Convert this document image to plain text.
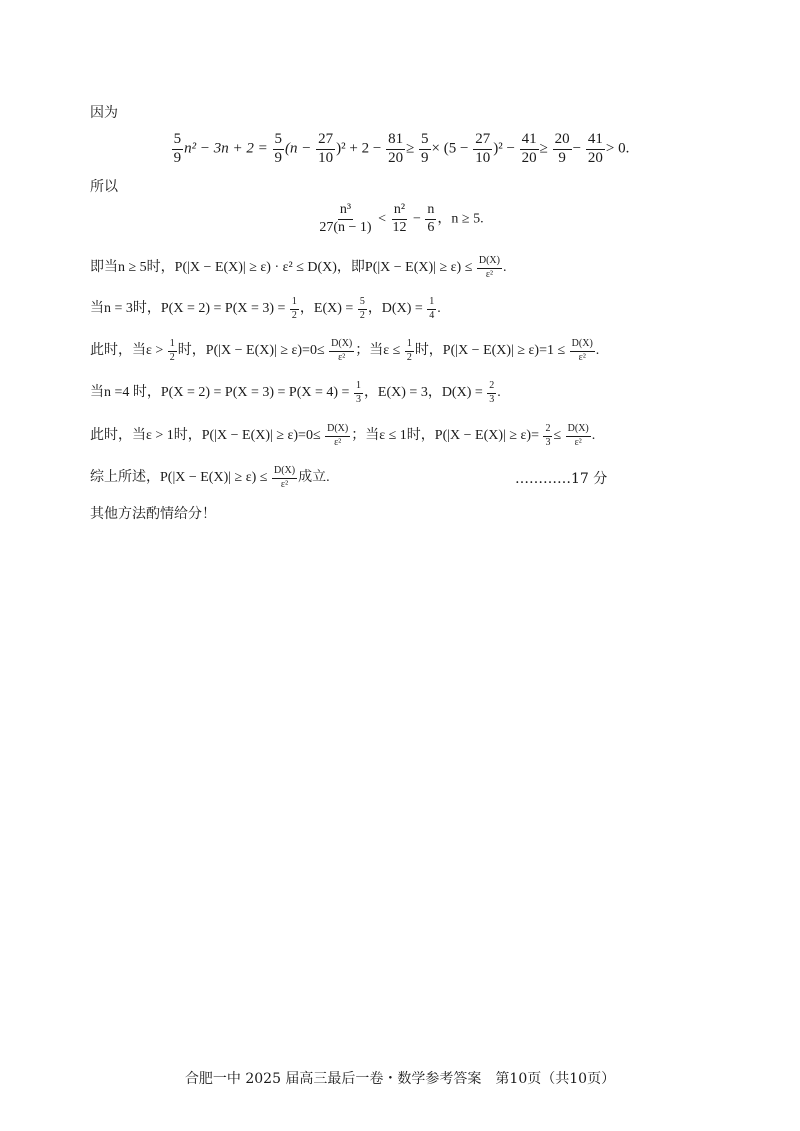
因为
$\frac{5}{9} n^2 - 3n + 2 = \frac{5}{9} (n - \frac{27}{10} )^2 + 2 - \frac{81}{20} \ge \frac{5}{9} \times (5 - \frac{27}{10} )^2 - \frac{41}{20} \ge \frac{20}{9} - \frac{41}{20} > 0$.
所以
$\frac{\text{n³}}{27(n - 1)} < \frac{\text{n²}}{12} - \frac{n}{6}$ ，n ≥ 5.
即当n ≥ 5时，P(|X − E(X)| ≥ ε) · ε² ≤ D(X)，即$P(|X - E(X)| \ge \varepsilon) \le \frac{D(X)}{\text{ε²}}$ .
当n = 3时，$P(X = 2) = P(X = 3) = \frac{1}{2}$ ，$E(X) = \frac{5}{2}$ ，$D(X) = \frac{1}{4}$ .
此时，当$\varepsilon > \frac{1}{2}$ 时，$P(|X - E(X)| \ge \varepsilon)=0\le \frac{D(X)}{\text{ε²}}$ ；当$\varepsilon \le \frac{1}{2}$ 时，$P(|X - E(X)| \ge \varepsilon)=1 \le \frac{D(X)}{\text{ε²}}$ .
当n =4 时，$P(X = 2) = P(X = 3) = P(X = 4) = \frac{1}{3}$ ，E(X) = 3，$D(X) = \frac{2}{3}$ .
此时，当ε > 1时，$P(|X - E(X)| \ge \varepsilon)=0\le \frac{D(X)}{\text{ε²}}$ ；当ε ≤ 1时，$P(|X - E(X)| \ge \varepsilon)= \frac{2}{3} \le \frac{D(X)}{\text{ε²}}$ .
综上所述，$P(|X - E(X)| \ge \varepsilon) \le \frac{D(X)}{\text{ε²}}$ 成立.	…………17 分
其他方法酌情给分！
合肥一中 2025 届高三最后一卷・数学参考答案　第10页（共10页）
